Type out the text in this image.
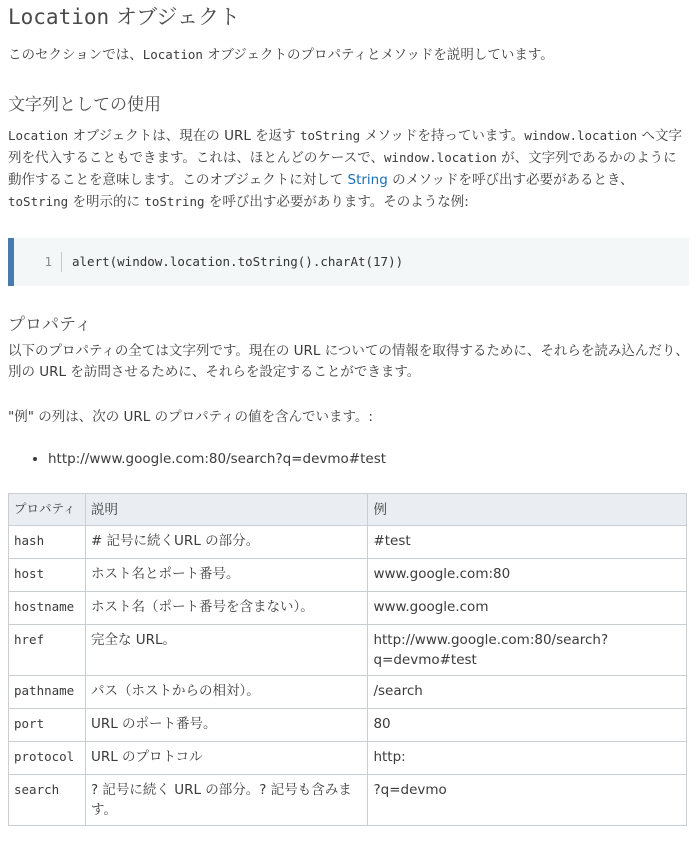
Location オブジェクト

このセクションでは、Location オブジェクトのプロパティとメソッドを説明しています。

文字列としての使用

Location オブジェクトは、現在の URL を返す toString メソッドを持っています。window.location へ文字列を代入することもできます。これは、ほとんどのケースで、window.location が、文字列であるかのように動作することを意味します。このオブジェクトに対して String のメソッドを呼び出す必要があるとき、toString を明示的に toString を呼び出す必要があります。そのような例:

1	alert(window.location.toString().charAt(17))
プロパティ

以下のプロパティの全ては文字列です。現在の URL についての情報を取得するために、それらを読み込んだり、別の URL を訪問させるために、それらを設定することができます。

"例" の列は、次の URL のプロパティの値を含んでいます。:

• http://www.google.com:80/search?q=devmo#test
プロパティ	説明	例
hash	# 記号に続くURL の部分。	#test
host	ホスト名とポート番号。	www.google.com:80
hostname	ホスト名（ポート番号を含まない）。	www.google.com
href	完全な URL。	http://www.google.com:80/search?q=devmo#test
pathname	パス（ホストからの相対）。	/search
port	URL のポート番号。	80
protocol	URL のプロトコル	http:
search	? 記号に続く URL の部分。? 記号も含みます。	?q=devmo
